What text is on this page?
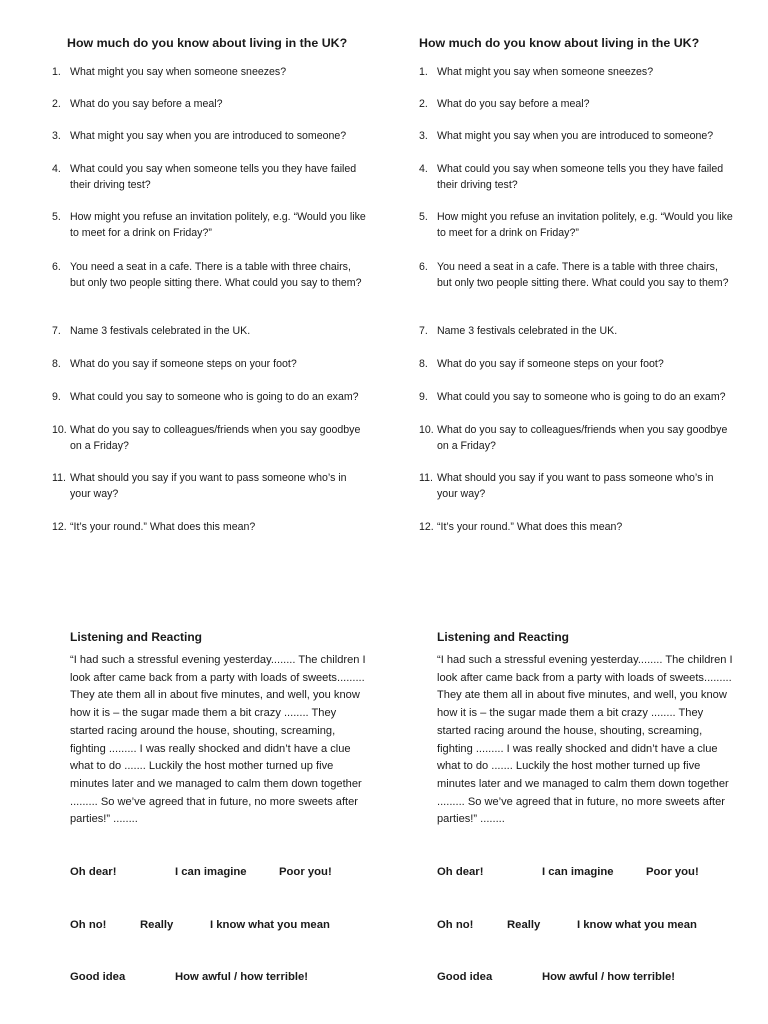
How much do you know about living in the UK?
1. What might you say when someone sneezes?
2. What do you say before a meal?
3. What might you say when you are introduced to someone?
4. What could you say when someone tells you they have failed their driving test?
5. How might you refuse an invitation politely, e.g. “Would you like to meet for a drink on Friday?”
6. You need a seat in a cafe. There is a table with three chairs, but only two people sitting there. What could you say to them?
7. Name 3 festivals celebrated in the UK.
8. What do you say if someone steps on your foot?
9. What could you say to someone who is going to do an exam?
10. What do you say to colleagues/friends when you say goodbye on a Friday?
11. What should you say if you want to pass someone who’s in your way?
12. “It’s your round.” What does this mean?
Listening and Reacting
“I had such a stressful evening yesterday........ The children I look after came back from a party with loads of sweets......... They ate them all in about five minutes, and well, you know how it is – the sugar made them a bit crazy ........ They started racing around the house, shouting, screaming, fighting ......... I was really shocked and didn’t have a clue what to do ....... Luckily the host mother turned up five minutes later and we managed to calm them down together ......... So we’ve agreed that in future, no more sweets after parties!” ........
Oh dear!	I can imagine	Poor you!
Oh no!	Really	I know what you mean
Good idea	How awful / how terrible!
How much do you know about living in the UK?
1. What might you say when someone sneezes?
2. What do you say before a meal?
3. What might you say when you are introduced to someone?
4. What could you say when someone tells you they have failed their driving test?
5. How might you refuse an invitation politely, e.g. “Would you like to meet for a drink on Friday?”
6. You need a seat in a cafe. There is a table with three chairs, but only two people sitting there. What could you say to them?
7. Name 3 festivals celebrated in the UK.
8. What do you say if someone steps on your foot?
9. What could you say to someone who is going to do an exam?
10. What do you say to colleagues/friends when you say goodbye on a Friday?
11. What should you say if you want to pass someone who’s in your way?
12. “It’s your round.” What does this mean?
Listening and Reacting
“I had such a stressful evening yesterday........ The children I look after came back from a party with loads of sweets......... They ate them all in about five minutes, and well, you know how it is – the sugar made them a bit crazy ........ They started racing around the house, shouting, screaming, fighting ......... I was really shocked and didn’t have a clue what to do ....... Luckily the host mother turned up five minutes later and we managed to calm them down together ......... So we’ve agreed that in future, no more sweets after parties!” ........
Oh dear!	I can imagine	Poor you!
Oh no!	Really	I know what you mean
Good idea	How awful / how terrible!
